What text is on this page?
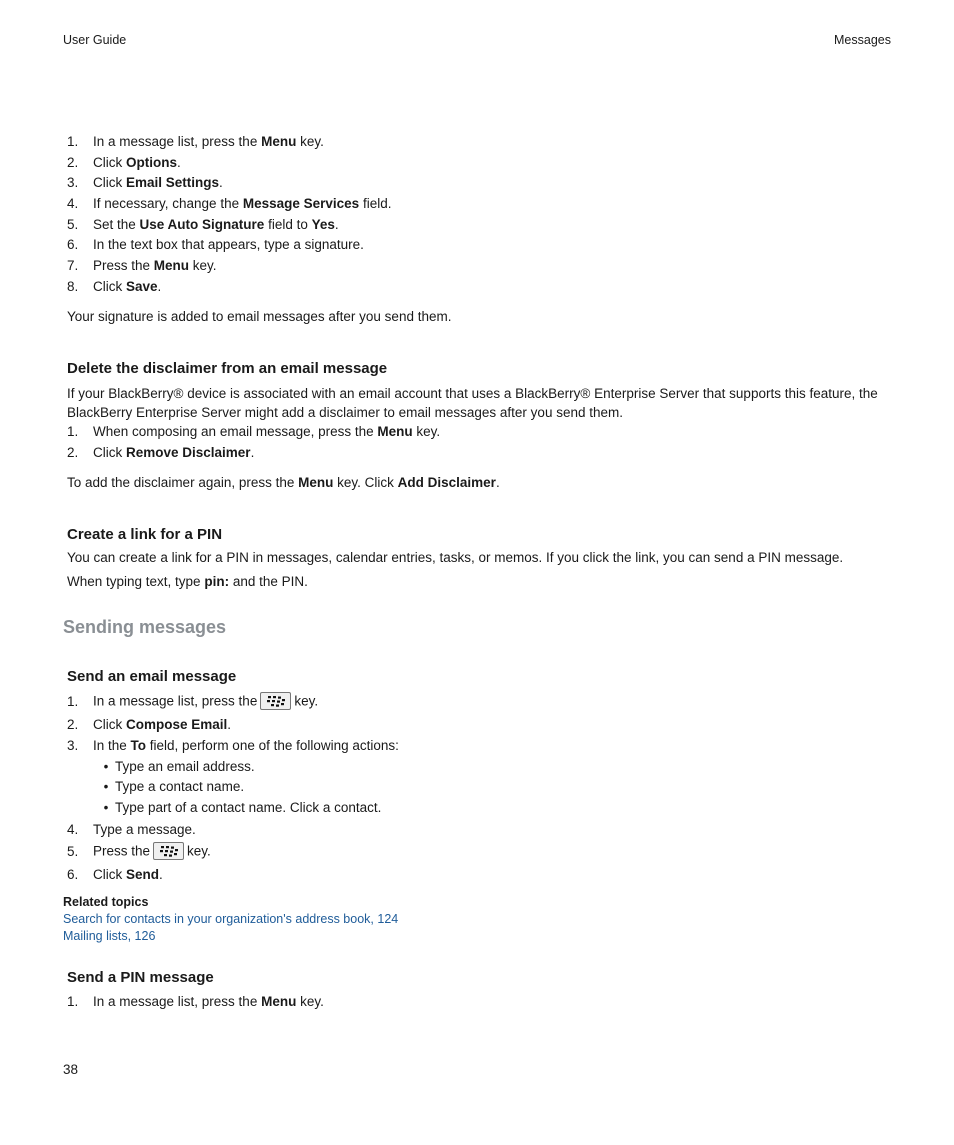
User Guide	Messages
1. In a message list, press the Menu key.
2. Click Options.
3. Click Email Settings.
4. If necessary, change the Message Services field.
5. Set the Use Auto Signature field to Yes.
6. In the text box that appears, type a signature.
7. Press the Menu key.
8. Click Save.
Your signature is added to email messages after you send them.
Delete the disclaimer from an email message
If your BlackBerry® device is associated with an email account that uses a BlackBerry® Enterprise Server that supports this feature, the BlackBerry Enterprise Server might add a disclaimer to email messages after you send them.
1. When composing an email message, press the Menu key.
2. Click Remove Disclaimer.
To add the disclaimer again, press the Menu key. Click Add Disclaimer.
Create a link for a PIN
You can create a link for a PIN in messages, calendar entries, tasks, or memos. If you click the link, you can send a PIN message.
When typing text, type pin: and the PIN.
Sending messages
Send an email message
1. In a message list, press the	key.
2. Click Compose Email.
3. In the To field, perform one of the following actions:
• Type an email address.
• Type a contact name.
• Type part of a contact name. Click a contact.
4. Type a message.
5. Press the	key.
6. Click Send.
Related topics
Search for contacts in your organization's address book, 124
Mailing lists, 126
Send a PIN message
1. In a message list, press the Menu key.
38
